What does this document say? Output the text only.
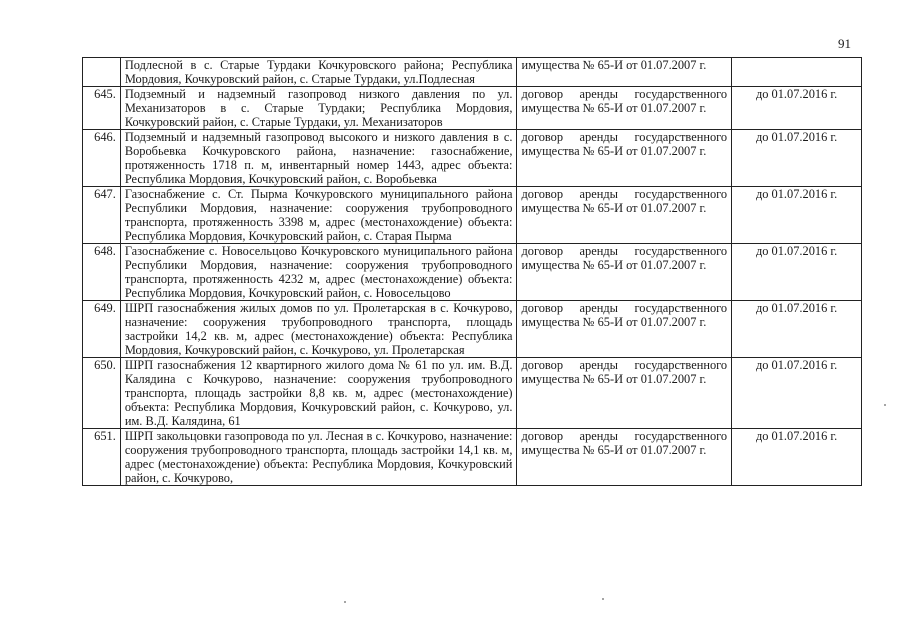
91
	Подлесной в с. Старые Турдаки Кочкуровского района; Республика Мордовия, Кочкуровский район, с. Старые Турдаки, ул.Подлесная	имущества № 65-И от 01.07.2007 г.	
645.	Подземный и надземный газопровод низкого давления по ул. Механизаторов в с. Старые Турдаки; Республика Мордовия, Кочкуровский район, с. Старые Турдаки, ул. Механизаторов	договор аренды государственного имущества № 65-И от 01.07.2007 г.	до 01.07.2016 г.
646.	Подземный и надземный газопровод высокого и низкого давления в с. Воробьевка Кочкуровского района, назначение: газоснабжение, протяженность 1718 п. м, инвентарный номер 1443, адрес объекта: Республика Мордовия, Кочкуровский район, с. Воробьевка	договор аренды государственного имущества № 65-И от 01.07.2007 г.	до 01.07.2016 г.
647.	Газоснабжение с. Ст. Пырма Кочкуровского муниципального района Республики Мордовия, назначение: сооружения трубопроводного транспорта, протяженность 3398 м, адрес (местонахождение) объекта: Республика Мордовия, Кочкуровский район, с. Старая Пырма	договор аренды государственного имущества № 65-И от 01.07.2007 г.	до 01.07.2016 г.
648.	Газоснабжение с. Новосельцово Кочкуровского муниципального района Республики Мордовия, назначение: сооружения трубопроводного транспорта, протяженность 4232 м, адрес (местонахождение) объекта: Республика Мордовия, Кочкуровский район, с. Новосельцово	договор аренды государственного имущества № 65-И от 01.07.2007 г.	до 01.07.2016 г.
649.	ШРП газоснабжения жилых домов по ул. Пролетарская в с. Кочкурово, назначение: сооружения трубопроводного транспорта, площадь застройки 14,2 кв. м, адрес (местонахождение) объекта: Республика Мордовия, Кочкуровский район, с. Кочкурово, ул. Пролетарская	договор аренды государственного имущества № 65-И от 01.07.2007 г.	до 01.07.2016 г.
650.	ШРП газоснабжения 12 квартирного жилого дома № 61 по ул. им. В.Д. Калядина с Кочкурово, назначение: сооружения трубопроводного транспорта, площадь застройки 8,8 кв. м, адрес (местонахождение) объекта: Республика Мордовия, Кочкуровский район, с. Кочкурово, ул. им. В.Д. Калядина, 61	договор аренды государственного имущества № 65-И от 01.07.2007 г.	до 01.07.2016 г.
651.	ШРП закольцовки газопровода по ул. Лесная в с. Кочкурово, назначение: сооружения трубопроводного транспорта, площадь застройки 14,1 кв. м, адрес (местонахождение) объекта: Республика Мордовия, Кочкуровский район, с. Кочкурово,	договор аренды государственного имущества № 65-И от 01.07.2007 г.	до 01.07.2016 г.
